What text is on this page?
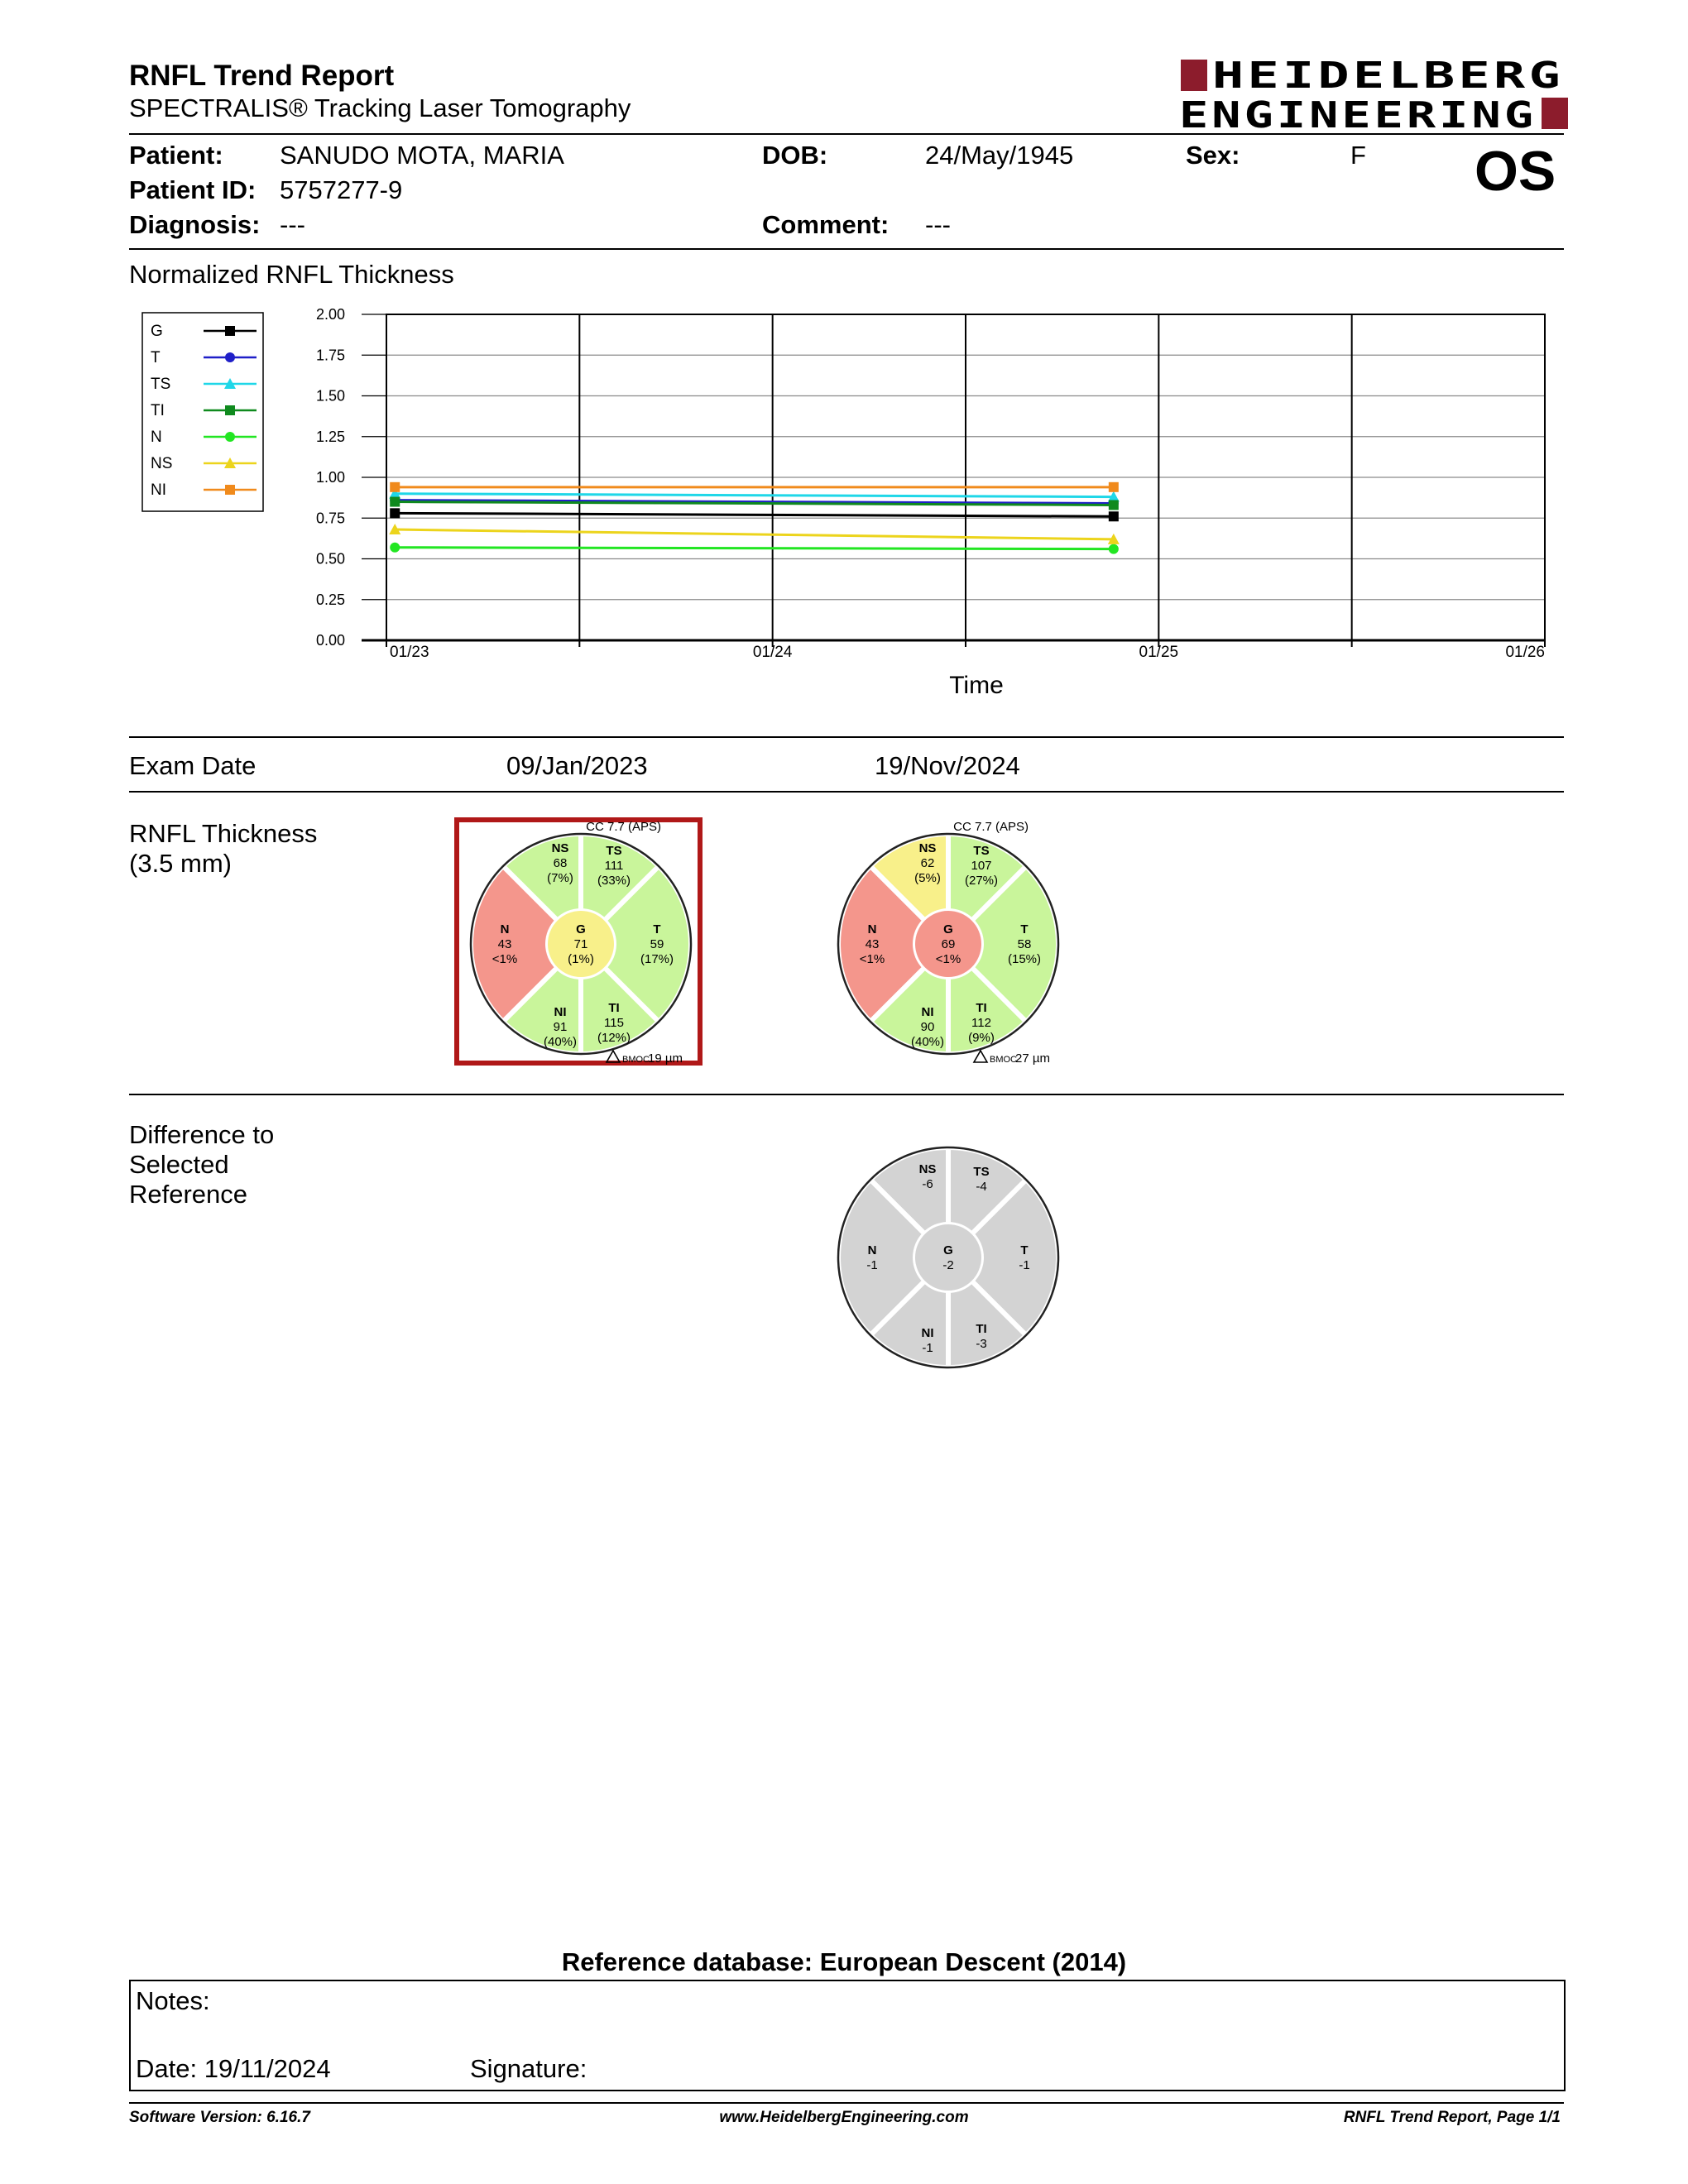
RNFL Trend Report
SPECTRALIS® Tracking Laser Tomography
HEIDELBERG
ENGINEERING
Patient: SANUDO MOTA, MARIA	DOB:	24/May/1945	Sex:	F OS
Patient ID: 5757277-9
Diagnosis: ---	Comment: ---
Normalized RNFL Thickness
G
T
TS
TI
N
NS
NI
0.00
0.25
0.50
0.75
1.00
1.25
1.50
1.75
2.00
01/23	01/24	01/25	01/26
Time
Exam Date	09/Jan/2023	19/Nov/2024
RNFL Thickness
(3.5 mm)
T
59
(17%)
TS
111
(33%)
NS
68
(7%)
N
43
<1%
NI
91
(40%)
TI
115
(12%)
G
71
(1%)
CC 7.7 (APS)
BMOC
19 µm
T
58
(15%)
TS
107
(27%)
NS
62
(5%)
N
43
<1%
NI
90
(40%)
TI
112
(9%)
G
69
<1%
CC 7.7 (APS)
BMOC
27 µm
Difference to
Selected
Reference
T
-1
TS
-4
NS
-6
N
-1
NI
-1
TI
-3
G
-2
Reference database: European Descent (2014)
Notes:
Date: 19/11/2024	Signature:
Software Version: 6.16.7	www.HeidelbergEngineering.com	RNFL Trend Report, Page 1/1
